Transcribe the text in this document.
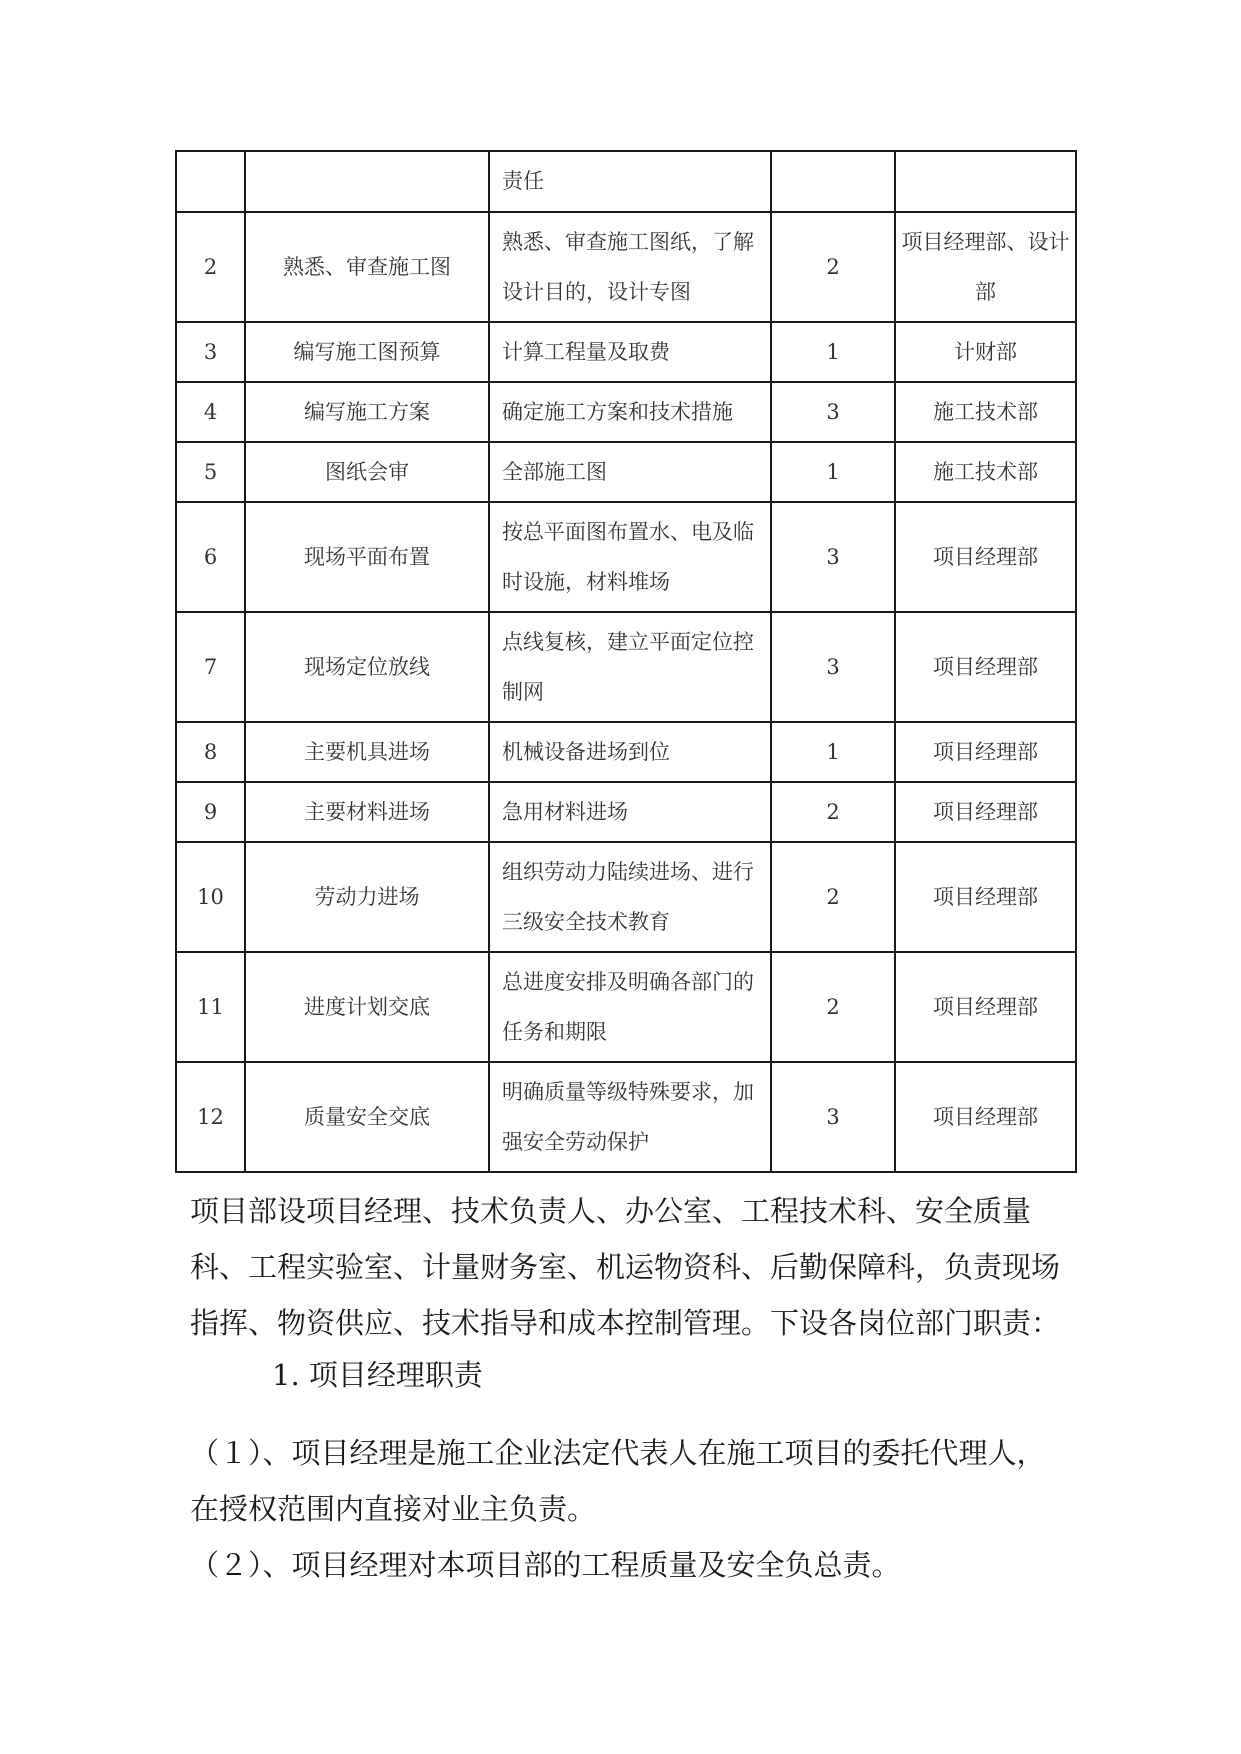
		责任		
2	熟悉、审查施工图	熟悉、审查施工图纸，了解设计目的，设计专图	2	项目经理部、设计部
3	编写施工图预算	计算工程量及取费	1	计财部
4	编写施工方案	确定施工方案和技术措施	3	施工技术部
5	图纸会审	全部施工图	1	施工技术部
6	现场平面布置	按总平面图布置水、电及临时设施，材料堆场	3	项目经理部
7	现场定位放线	点线复核，建立平面定位控制网	3	项目经理部
8	主要机具进场	机械设备进场到位	1	项目经理部
9	主要材料进场	急用材料进场	2	项目经理部
10	劳动力进场	组织劳动力陆续进场、进行三级安全技术教育	2	项目经理部
11	进度计划交底	总进度安排及明确各部门的任务和期限	2	项目经理部
12	质量安全交底	明确质量等级特殊要求，加强安全劳动保护	3	项目经理部

项目部设项目经理、技术负责人、办公室、工程技术科、安全质量科、工程实验室、计量财务室、机运物资科、后勤保障科，负责现场指挥、物资供应、技术指导和成本控制管理。下设各岗位部门职责：

1. 项目经理职责

（１）、项目经理是施工企业法定代表人在施工项目的委托代理人，在授权范围内直接对业主负责。

（２）、项目经理对本项目部的工程质量及安全负总责。
